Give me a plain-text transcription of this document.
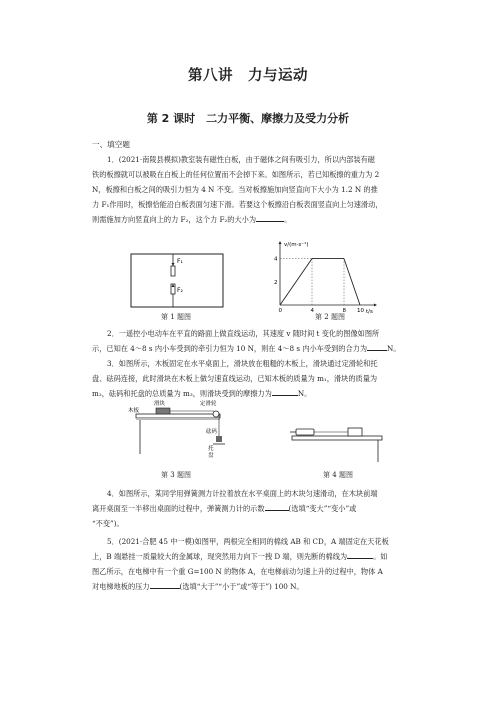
第八讲　力与运动
第 2 课时　二力平衡、摩擦力及受力分析
一、填空题
1．(2021·南陵县模拟)教室装有磁性白板，由于磁体之间有吸引力，所以内部装有磁
铁的板擦就可以被吸在白板上的任何位置而不会掉下来。如图所示，若已知板擦的重力为 2
N，板擦和白板之间的吸引力恒为 4 N 不变。当对板擦施加向竖直向下大小为 1.2 N 的推
力 F₁作用时，板擦恰能沿白板表面匀速下滑。若要这个板擦沿白板表面竖直向上匀速滑动，
则需施加方向竖直向上的力 F₂，这个力 F₂的大小为	。
F₁
F₂
第 1 题图
v/(m·s⁻¹)
t/s
4
2
0	4	8 10
第 2 题图
2．一遥控小电动车在平直的路面上做直线运动，其速度 v 随时间 t 变化的图像如图所
示，已知在 4～8 s 内小车受到的牵引力恒为 10 N，则在 4～8 s 内小车受到的合力为	N。
3．如图所示，木板固定在水平桌面上，滑块放在粗糙的木板上，滑块通过定滑轮和托
盘、砝码连接，此时滑块在木板上做匀速直线运动，已知木板的质量为 m₁，滑块的质量为
m₂，砝码和托盘的总质量为 m₃，则滑块受到的摩擦力为	N。
木板
滑块	定滑轮
砝码
托
盘
第 3 题图	第 4 题图
4．如图所示，某同学用弹簧测力计拉着放在水平桌面上的木块匀速滑动，在木块前端
离开桌面至一半移出桌面的过程中，弹簧测力计的示数	(选填“变大”“变小”或
“不变”)。
5．(2021·合肥 45 中一模)如图甲，两根完全相同的棉线 AB 和 CD，A 端固定在天花板
上，B 端悬挂一质量较大的金属球，现突然用力向下一拽 D 端，则先断的棉线为	。如
图乙所示，在电梯中有一个重 G=100 N 的物体 A，在电梯前动匀速上升的过程中，物体 A
对电梯地板的压力	(选填“大于”“小于”或“等于”) 100 N。
